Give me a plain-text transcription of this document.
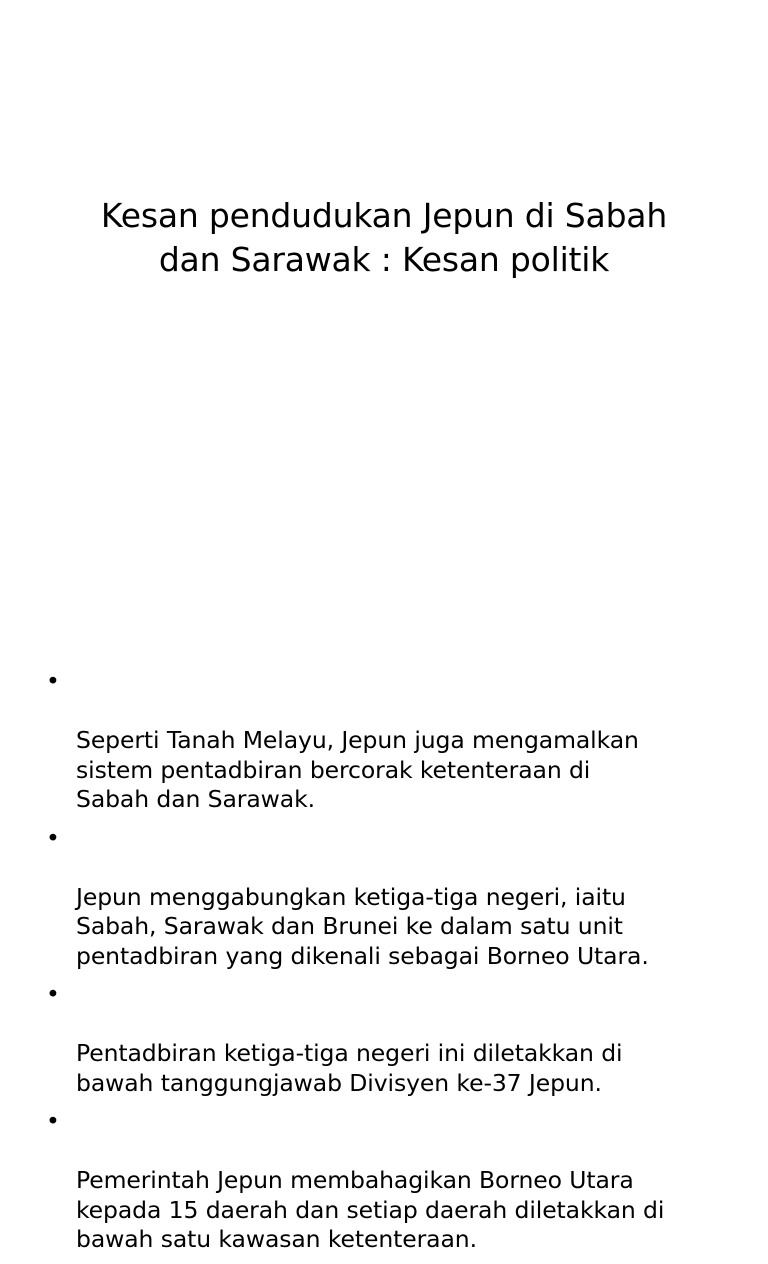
Kesan pendudukan Jepun di Sabah
dan Sarawak : Kesan politik

•

Seperti Tanah Melayu, Jepun juga mengamalkan
sistem pentadbiran bercorak ketenteraan di
Sabah dan Sarawak.

•

Jepun menggabungkan ketiga-tiga negeri, iaitu
Sabah, Sarawak dan Brunei ke dalam satu unit
pentadbiran yang dikenali sebagai Borneo Utara.

•

Pentadbiran ketiga-tiga negeri ini diletakkan di
bawah tanggungjawab Divisyen ke-37 Jepun.

•

Pemerintah Jepun membahagikan Borneo Utara
kepada 15 daerah dan setiap daerah diletakkan di
bawah satu kawasan ketenteraan.
